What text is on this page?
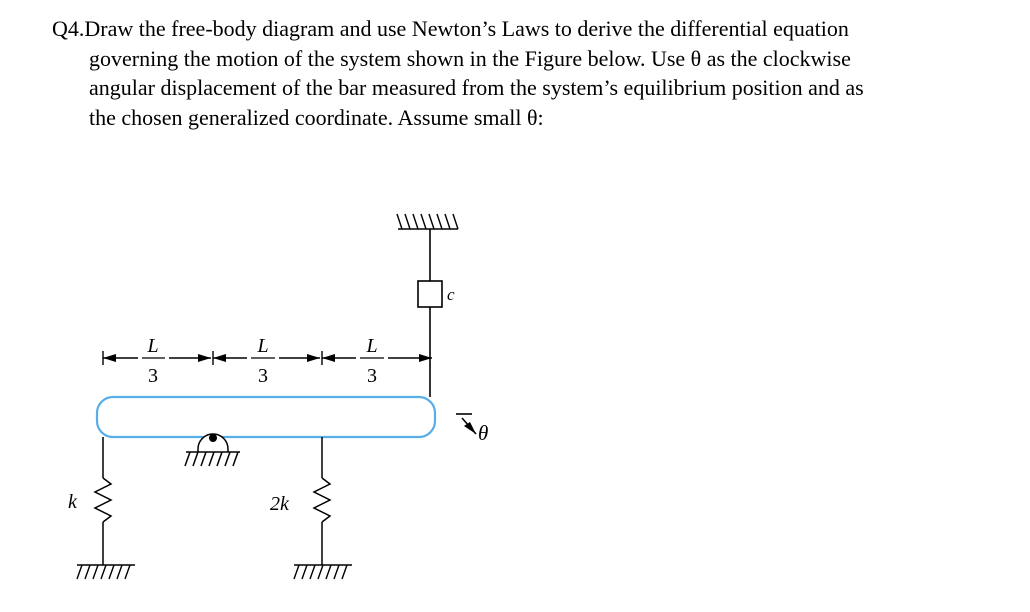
Q4.Draw the free-body diagram and use Newton’s Laws to derive the differential equation
governing the motion of the system shown in the Figure below. Use θ as the clockwise
angular displacement of the bar measured from the system’s equilibrium position and as
the chosen generalized coordinate. Assume small θ:
c
L
3
L
3
L
3
k	2k
θ
